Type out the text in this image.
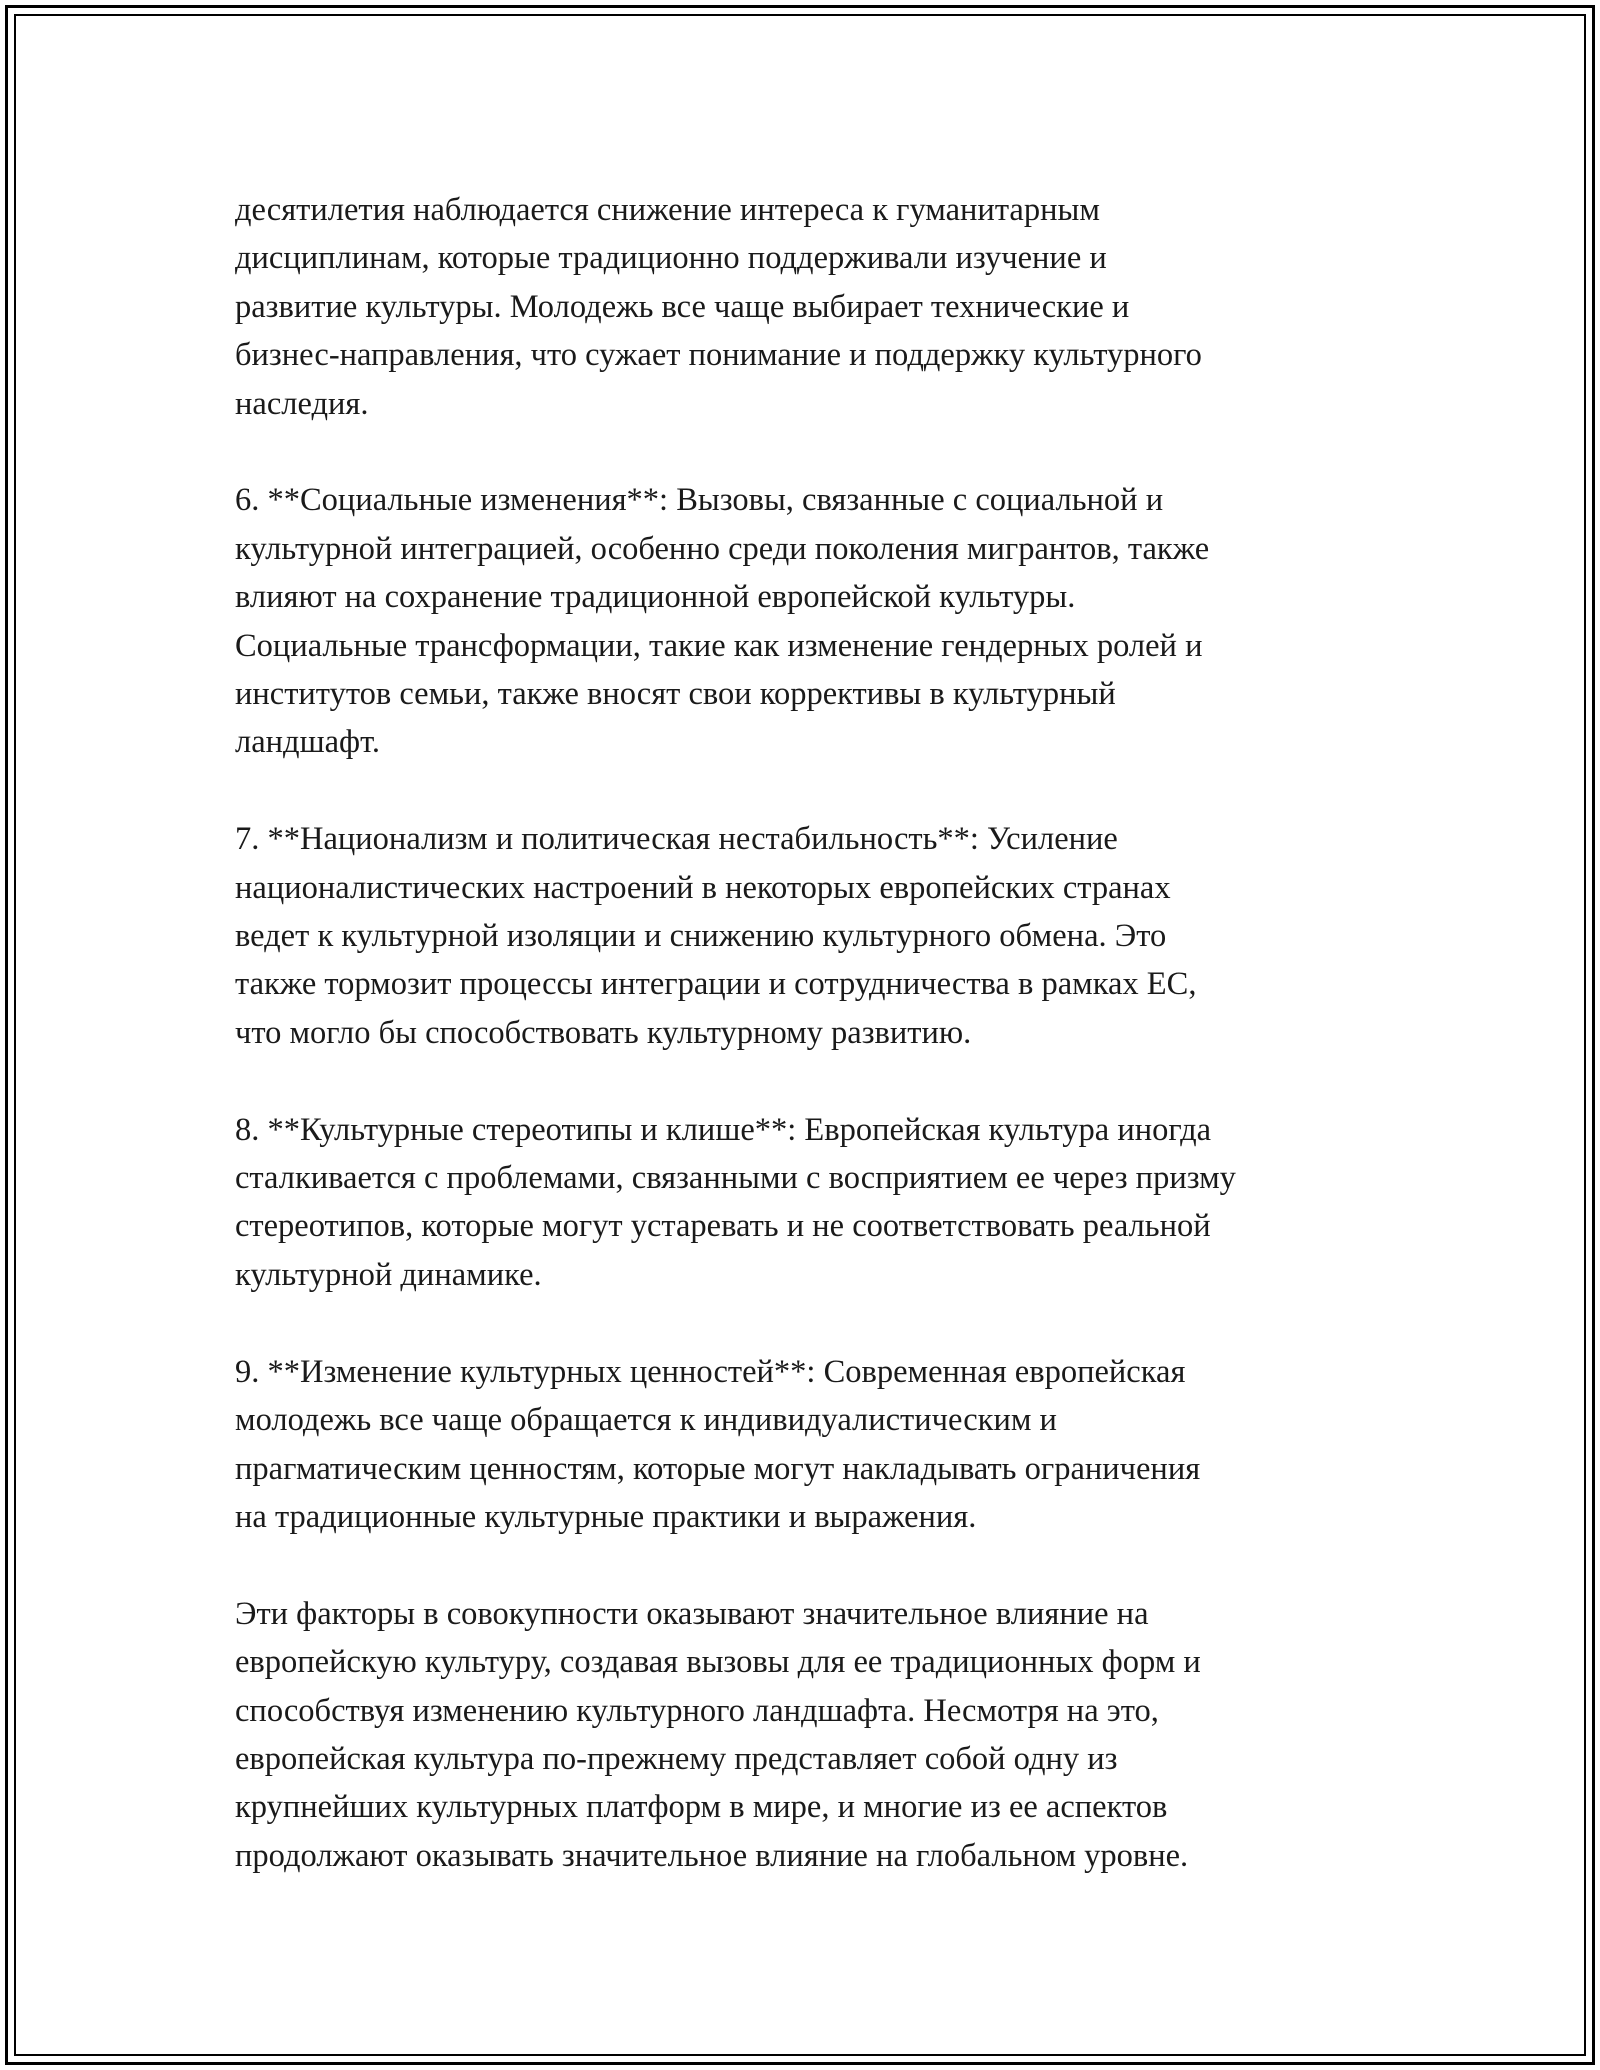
десятилетия наблюдается снижение интереса к гуманитарным
дисциплинам, которые традиционно поддерживали изучение и
развитие культуры. Молодежь все чаще выбирает технические и
бизнес-направления, что сужает понимание и поддержку культурного
наследия.

6. **Социальные изменения**: Вызовы, связанные с социальной и
культурной интеграцией, особенно среди поколения мигрантов, также
влияют на сохранение традиционной европейской культуры.
Социальные трансформации, такие как изменение гендерных ролей и
институтов семьи, также вносят свои коррективы в культурный
ландшафт.

7. **Национализм и политическая нестабильность**: Усиление
националистических настроений в некоторых европейских странах
ведет к культурной изоляции и снижению культурного обмена. Это
также тормозит процессы интеграции и сотрудничества в рамках ЕС,
что могло бы способствовать культурному развитию.

8. **Культурные стереотипы и клише**: Европейская культура иногда
сталкивается с проблемами, связанными с восприятием ее через призму
стереотипов, которые могут устаревать и не соответствовать реальной
культурной динамике.

9. **Изменение культурных ценностей**: Современная европейская
молодежь все чаще обращается к индивидуалистическим и
прагматическим ценностям, которые могут накладывать ограничения
на традиционные культурные практики и выражения.

Эти факторы в совокупности оказывают значительное влияние на
европейскую культуру, создавая вызовы для ее традиционных форм и
способствуя изменению культурного ландшафта. Несмотря на это,
европейская культура по-прежнему представляет собой одну из
крупнейших культурных платформ в мире, и многие из ее аспектов
продолжают оказывать значительное влияние на глобальном уровне.
